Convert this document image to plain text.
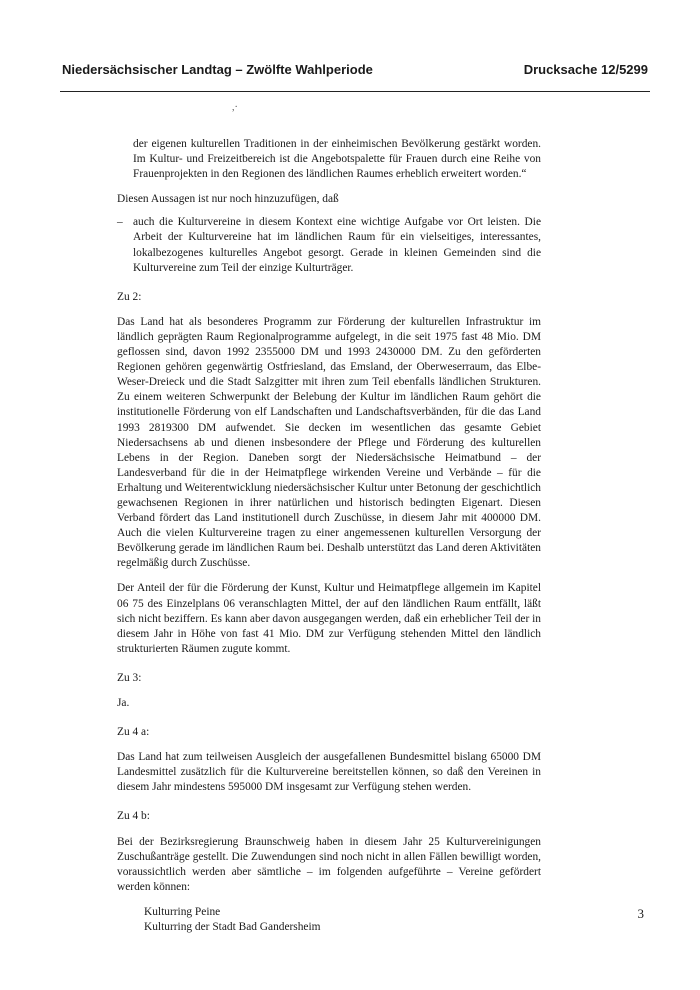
Niedersächsischer Landtag – Zwölfte Wahlperiode	Drucksache 12/5299
,·

der eigenen kulturellen Traditionen in der einheimischen Bevölkerung gestärkt worden. Im Kultur- und Freizeitbereich ist die Angebotspalette für Frauen durch eine Reihe von Frauenprojekten in den Regionen des ländlichen Raumes erheblich erweitert worden.“

Diesen Aussagen ist nur noch hinzuzufügen, daß

– auch die Kulturvereine in diesem Kontext eine wichtige Aufgabe vor Ort leisten. Die Arbeit der Kulturvereine hat im ländlichen Raum für ein vielseitiges, interessantes, lokalbezogenes kulturelles Angebot gesorgt. Gerade in kleinen Gemeinden sind die Kulturvereine zum Teil der einzige Kulturträger.

Zu 2:

Das Land hat als besonderes Programm zur Förderung der kulturellen Infrastruktur im ländlich geprägten Raum Regionalprogramme aufgelegt, in die seit 1975 fast 48 Mio. DM geflossen sind, davon 1992 2355000 DM und 1993 2430000 DM. Zu den geförderten Regionen gehören gegenwärtig Ostfriesland, das Emsland, der Oberweserraum, das Elbe-Weser-Dreieck und die Stadt Salzgitter mit ihren zum Teil ebenfalls ländlichen Strukturen. Zu einem weiteren Schwerpunkt der Belebung der Kultur im ländlichen Raum gehört die institutionelle Förderung von elf Landschaften und Landschaftsverbänden, für die das Land 1993 2819300 DM aufwendet. Sie decken im wesentlichen das gesamte Gebiet Niedersachsens ab und dienen insbesondere der Pflege und Förderung des kulturellen Lebens in der Region. Daneben sorgt der Niedersächsische Heimatbund – der Landesverband für die in der Heimatpflege wirkenden Vereine und Verbände – für die Erhaltung und Weiterentwicklung niedersächsischer Kultur unter Betonung der geschichtlich gewachsenen Regionen in ihrer natürlichen und historisch bedingten Eigenart. Diesen Verband fördert das Land institutionell durch Zuschüsse, in diesem Jahr mit 400000 DM. Auch die vielen Kulturvereine tragen zu einer angemessenen kulturellen Versorgung der Bevölkerung gerade im ländlichen Raum bei. Deshalb unterstützt das Land deren Aktivitäten regelmäßig durch Zuschüsse.

Der Anteil der für die Förderung der Kunst, Kultur und Heimatpflege allgemein im Kapitel 06 75 des Einzelplans 06 veranschlagten Mittel, der auf den ländlichen Raum entfällt, läßt sich nicht beziffern. Es kann aber davon ausgegangen werden, daß ein erheblicher Teil der in diesem Jahr in Höhe von fast 41 Mio. DM zur Verfügung stehenden Mittel den ländlich strukturierten Räumen zugute kommt.

Zu 3:

Ja.

Zu 4 a:

Das Land hat zum teilweisen Ausgleich der ausgefallenen Bundesmittel bislang 65000 DM Landesmittel zusätzlich für die Kulturvereine bereitstellen können, so daß den Vereinen in diesem Jahr mindestens 595000 DM insgesamt zur Verfügung stehen werden.

Zu 4 b:

Bei der Bezirksregierung Braunschweig haben in diesem Jahr 25 Kulturvereinigungen Zuschußanträge gestellt. Die Zuwendungen sind noch nicht in allen Fällen bewilligt worden, voraussichtlich werden aber sämtliche – im folgenden aufgeführte – Vereine gefördert werden können:

Kulturring Peine
Kulturring der Stadt Bad Gandersheim
3
